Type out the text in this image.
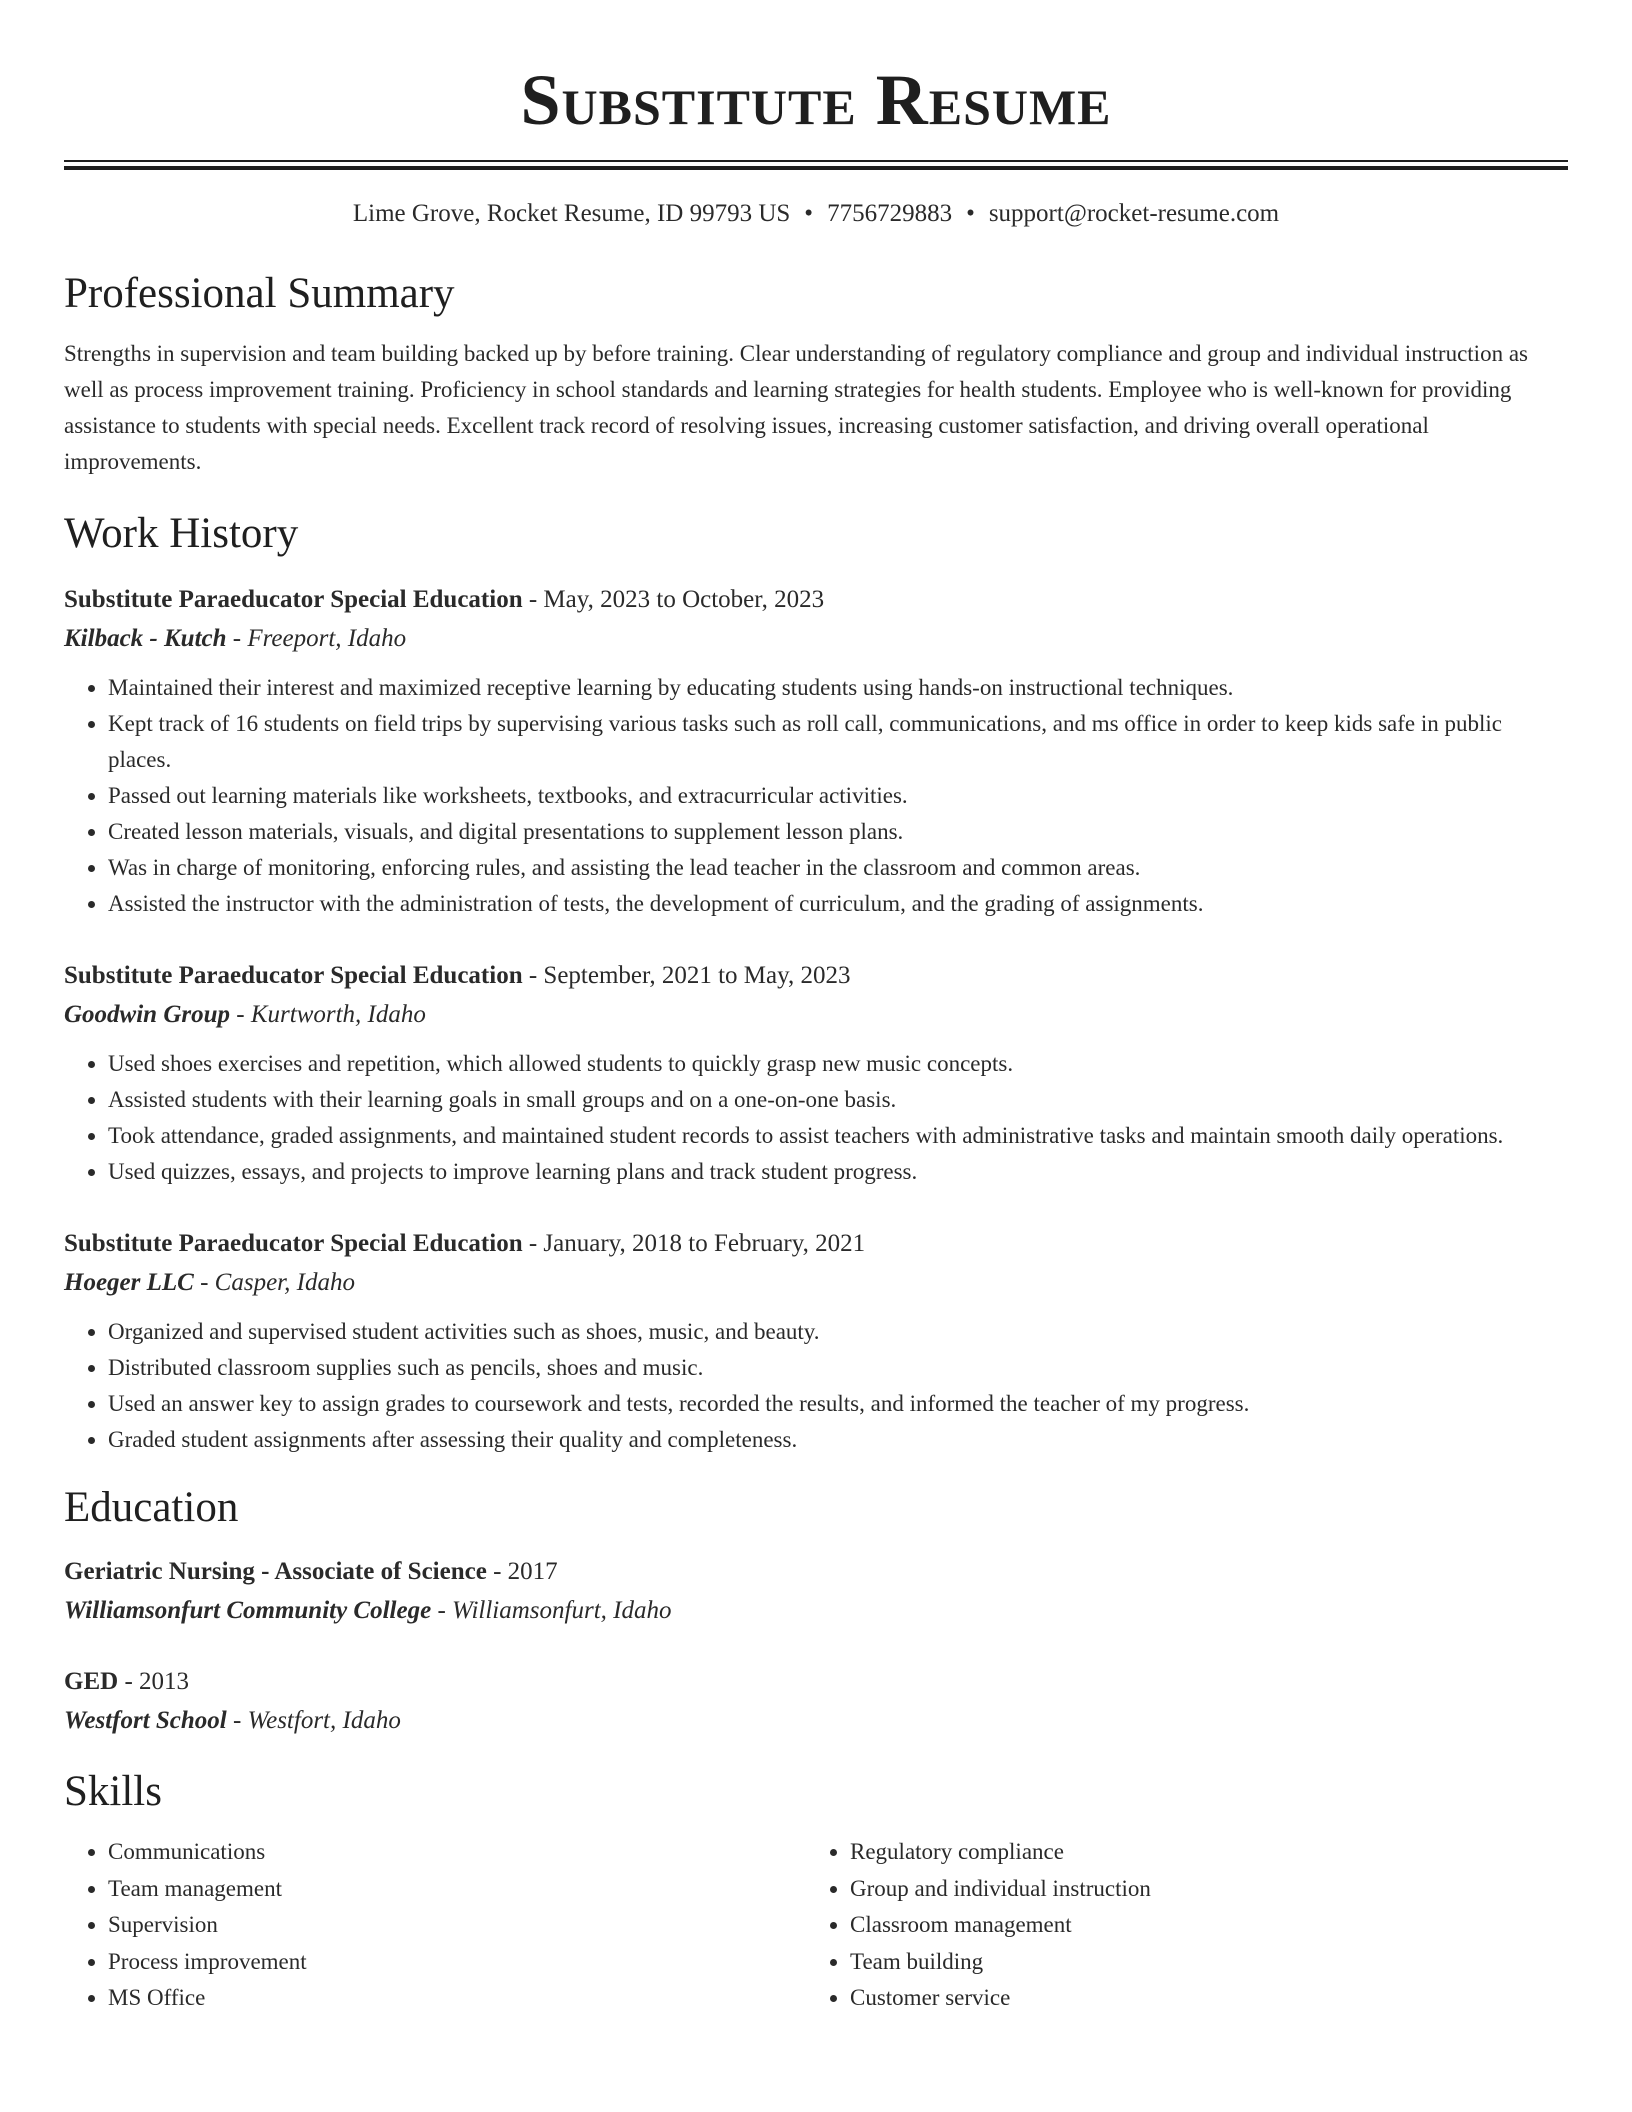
Substitute Resume
Lime Grove, Rocket Resume, ID 99793 US • 7756729883 • support@rocket-resume.com
Professional Summary

Strengths in supervision and team building backed up by before training. Clear understanding of regulatory compliance and group and individual instruction as well as process improvement training. Proficiency in school standards and learning strategies for health students. Employee who is well-known for providing assistance to students with special needs. Excellent track record of resolving issues, increasing customer satisfaction, and driving overall operational improvements.

Work History

Substitute Paraeducator Special Education - May, 2023 to October, 2023

Kilback - Kutch - Freeport, Idaho

• Maintained their interest and maximized receptive learning by educating students using hands-on instructional techniques.
• Kept track of 16 students on field trips by supervising various tasks such as roll call, communications, and ms office in order to keep kids safe in public places.
• Passed out learning materials like worksheets, textbooks, and extracurricular activities.
• Created lesson materials, visuals, and digital presentations to supplement lesson plans.
• Was in charge of monitoring, enforcing rules, and assisting the lead teacher in the classroom and common areas.
• Assisted the instructor with the administration of tests, the development of curriculum, and the grading of assignments.

Substitute Paraeducator Special Education - September, 2021 to May, 2023

Goodwin Group - Kurtworth, Idaho

• Used shoes exercises and repetition, which allowed students to quickly grasp new music concepts.
• Assisted students with their learning goals in small groups and on a one-on-one basis.
• Took attendance, graded assignments, and maintained student records to assist teachers with administrative tasks and maintain smooth daily operations.
• Used quizzes, essays, and projects to improve learning plans and track student progress.

Substitute Paraeducator Special Education - January, 2018 to February, 2021

Hoeger LLC - Casper, Idaho

• Organized and supervised student activities such as shoes, music, and beauty.
• Distributed classroom supplies such as pencils, shoes and music.
• Used an answer key to assign grades to coursework and tests, recorded the results, and informed the teacher of my progress.
• Graded student assignments after assessing their quality and completeness.
Education

Geriatric Nursing - Associate of Science - 2017

Williamsonfurt Community College - Williamsonfurt, Idaho

GED - 2013

Westfort School - Westfort, Idaho

Skills
• Communications
• Team management
• Supervision
• Process improvement
• MS Office
• Regulatory compliance
• Group and individual instruction
• Classroom management
• Team building
• Customer service
